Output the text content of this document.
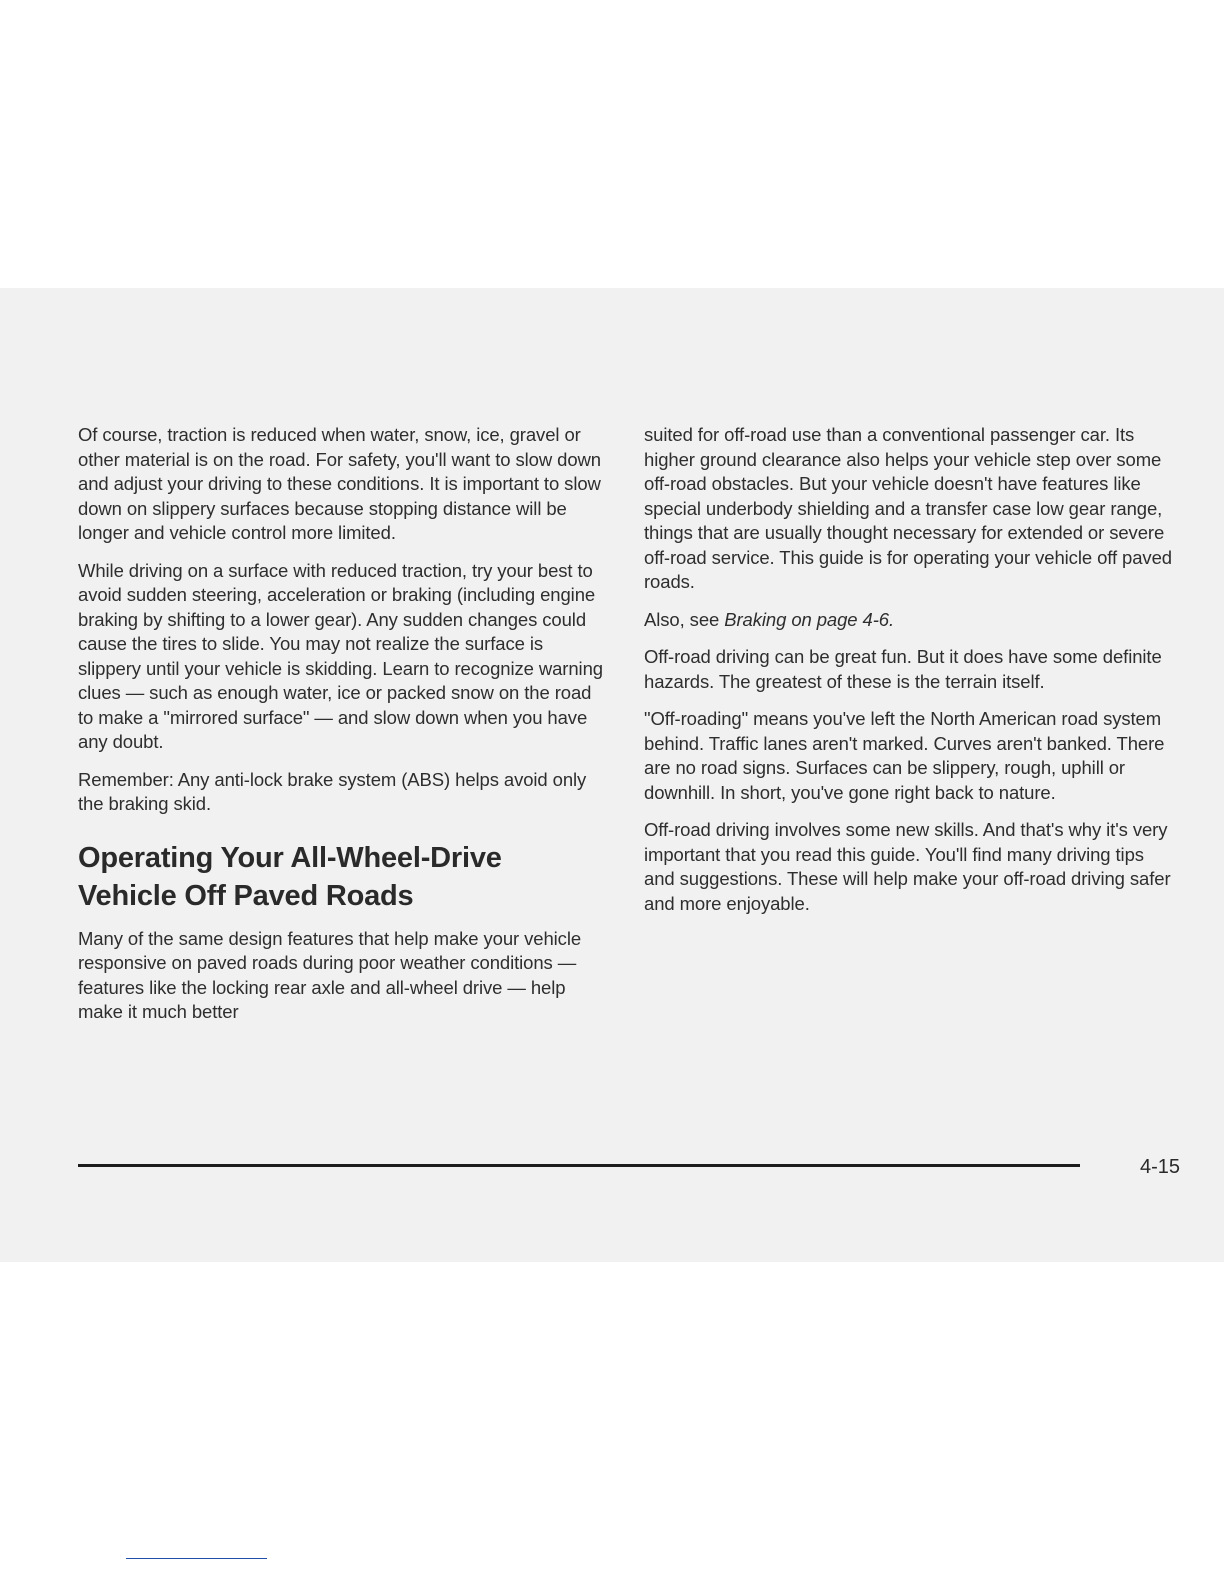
Of course, traction is reduced when water, snow, ice, gravel or other material is on the road. For safety, you'll want to slow down and adjust your driving to these conditions. It is important to slow down on slippery surfaces because stopping distance will be longer and vehicle control more limited.

While driving on a surface with reduced traction, try your best to avoid sudden steering, acceleration or braking (including engine braking by shifting to a lower gear). Any sudden changes could cause the tires to slide. You may not realize the surface is slippery until your vehicle is skidding. Learn to recognize warning clues — such as enough water, ice or packed snow on the road to make a "mirrored surface" — and slow down when you have any doubt.

Remember: Any anti-lock brake system (ABS) helps avoid only the braking skid.

Operating Your All-Wheel-Drive Vehicle Off Paved Roads

Many of the same design features that help make your vehicle responsive on paved roads during poor weather conditions — features like the locking rear axle and all-wheel drive — help make it much better

suited for off-road use than a conventional passenger car. Its higher ground clearance also helps your vehicle step over some off-road obstacles. But your vehicle doesn't have features like special underbody shielding and a transfer case low gear range, things that are usually thought necessary for extended or severe off-road service. This guide is for operating your vehicle off paved roads.

Also, see Braking on page 4-6.

Off-road driving can be great fun. But it does have some definite hazards. The greatest of these is the terrain itself.

"Off-roading" means you've left the North American road system behind. Traffic lanes aren't marked. Curves aren't banked. There are no road signs. Surfaces can be slippery, rough, uphill or downhill. In short, you've gone right back to nature.

Off-road driving involves some new skills. And that's why it's very important that you read this guide. You'll find many driving tips and suggestions. These will help make your off-road driving safer and more enjoyable.

4-15
